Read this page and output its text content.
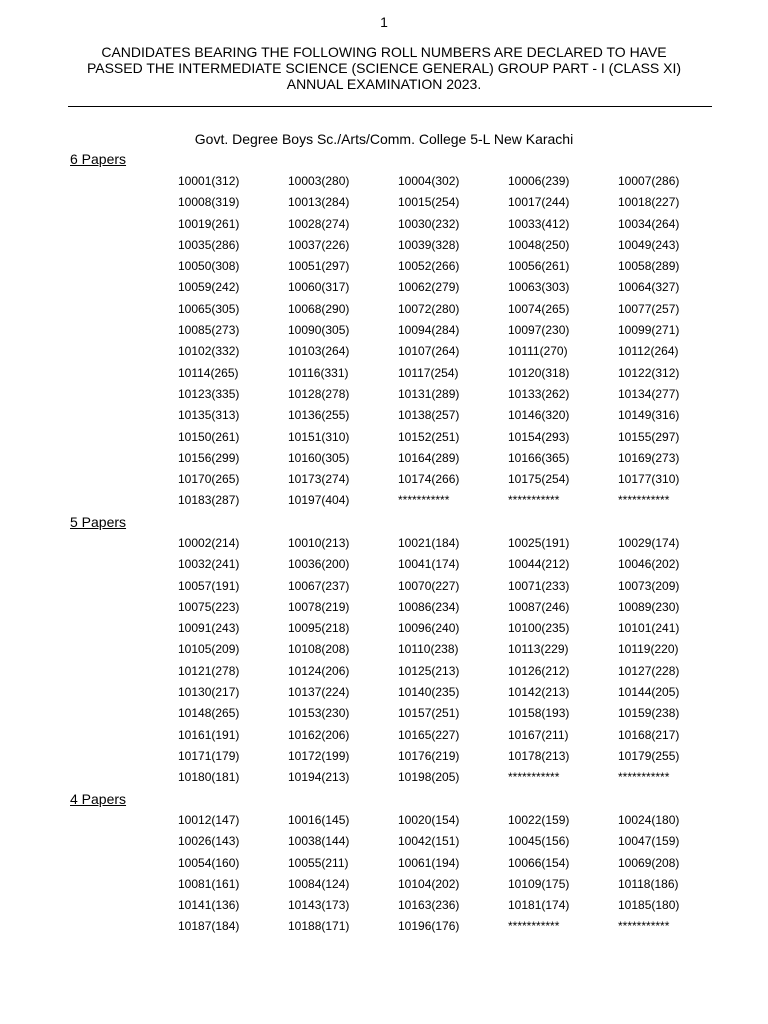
1
CANDIDATES BEARING THE FOLLOWING ROLL NUMBERS ARE DECLARED TO HAVE
PASSED THE INTERMEDIATE SCIENCE (SCIENCE GENERAL) GROUP PART - I (CLASS XI)
ANNUAL EXAMINATION 2023.
Govt. Degree Boys Sc./Arts/Comm. College 5-L New Karachi
6 Papers
10001(312)	10003(280)	10004(302)	10006(239)	10007(286)
10008(319)	10013(284)	10015(254)	10017(244)	10018(227)
10019(261)	10028(274)	10030(232)	10033(412)	10034(264)
10035(286)	10037(226)	10039(328)	10048(250)	10049(243)
10050(308)	10051(297)	10052(266)	10056(261)	10058(289)
10059(242)	10060(317)	10062(279)	10063(303)	10064(327)
10065(305)	10068(290)	10072(280)	10074(265)	10077(257)
10085(273)	10090(305)	10094(284)	10097(230)	10099(271)
10102(332)	10103(264)	10107(264)	10111(270)	10112(264)
10114(265)	10116(331)	10117(254)	10120(318)	10122(312)
10123(335)	10128(278)	10131(289)	10133(262)	10134(277)
10135(313)	10136(255)	10138(257)	10146(320)	10149(316)
10150(261)	10151(310)	10152(251)	10154(293)	10155(297)
10156(299)	10160(305)	10164(289)	10166(365)	10169(273)
10170(265)	10173(274)	10174(266)	10175(254)	10177(310)
10183(287)	10197(404)	***********	***********	***********
5 Papers
10002(214)	10010(213)	10021(184)	10025(191)	10029(174)
10032(241)	10036(200)	10041(174)	10044(212)	10046(202)
10057(191)	10067(237)	10070(227)	10071(233)	10073(209)
10075(223)	10078(219)	10086(234)	10087(246)	10089(230)
10091(243)	10095(218)	10096(240)	10100(235)	10101(241)
10105(209)	10108(208)	10110(238)	10113(229)	10119(220)
10121(278)	10124(206)	10125(213)	10126(212)	10127(228)
10130(217)	10137(224)	10140(235)	10142(213)	10144(205)
10148(265)	10153(230)	10157(251)	10158(193)	10159(238)
10161(191)	10162(206)	10165(227)	10167(211)	10168(217)
10171(179)	10172(199)	10176(219)	10178(213)	10179(255)
10180(181)	10194(213)	10198(205)	***********	***********
4 Papers
10012(147)	10016(145)	10020(154)	10022(159)	10024(180)
10026(143)	10038(144)	10042(151)	10045(156)	10047(159)
10054(160)	10055(211)	10061(194)	10066(154)	10069(208)
10081(161)	10084(124)	10104(202)	10109(175)	10118(186)
10141(136)	10143(173)	10163(236)	10181(174)	10185(180)
10187(184)	10188(171)	10196(176)	***********	***********
